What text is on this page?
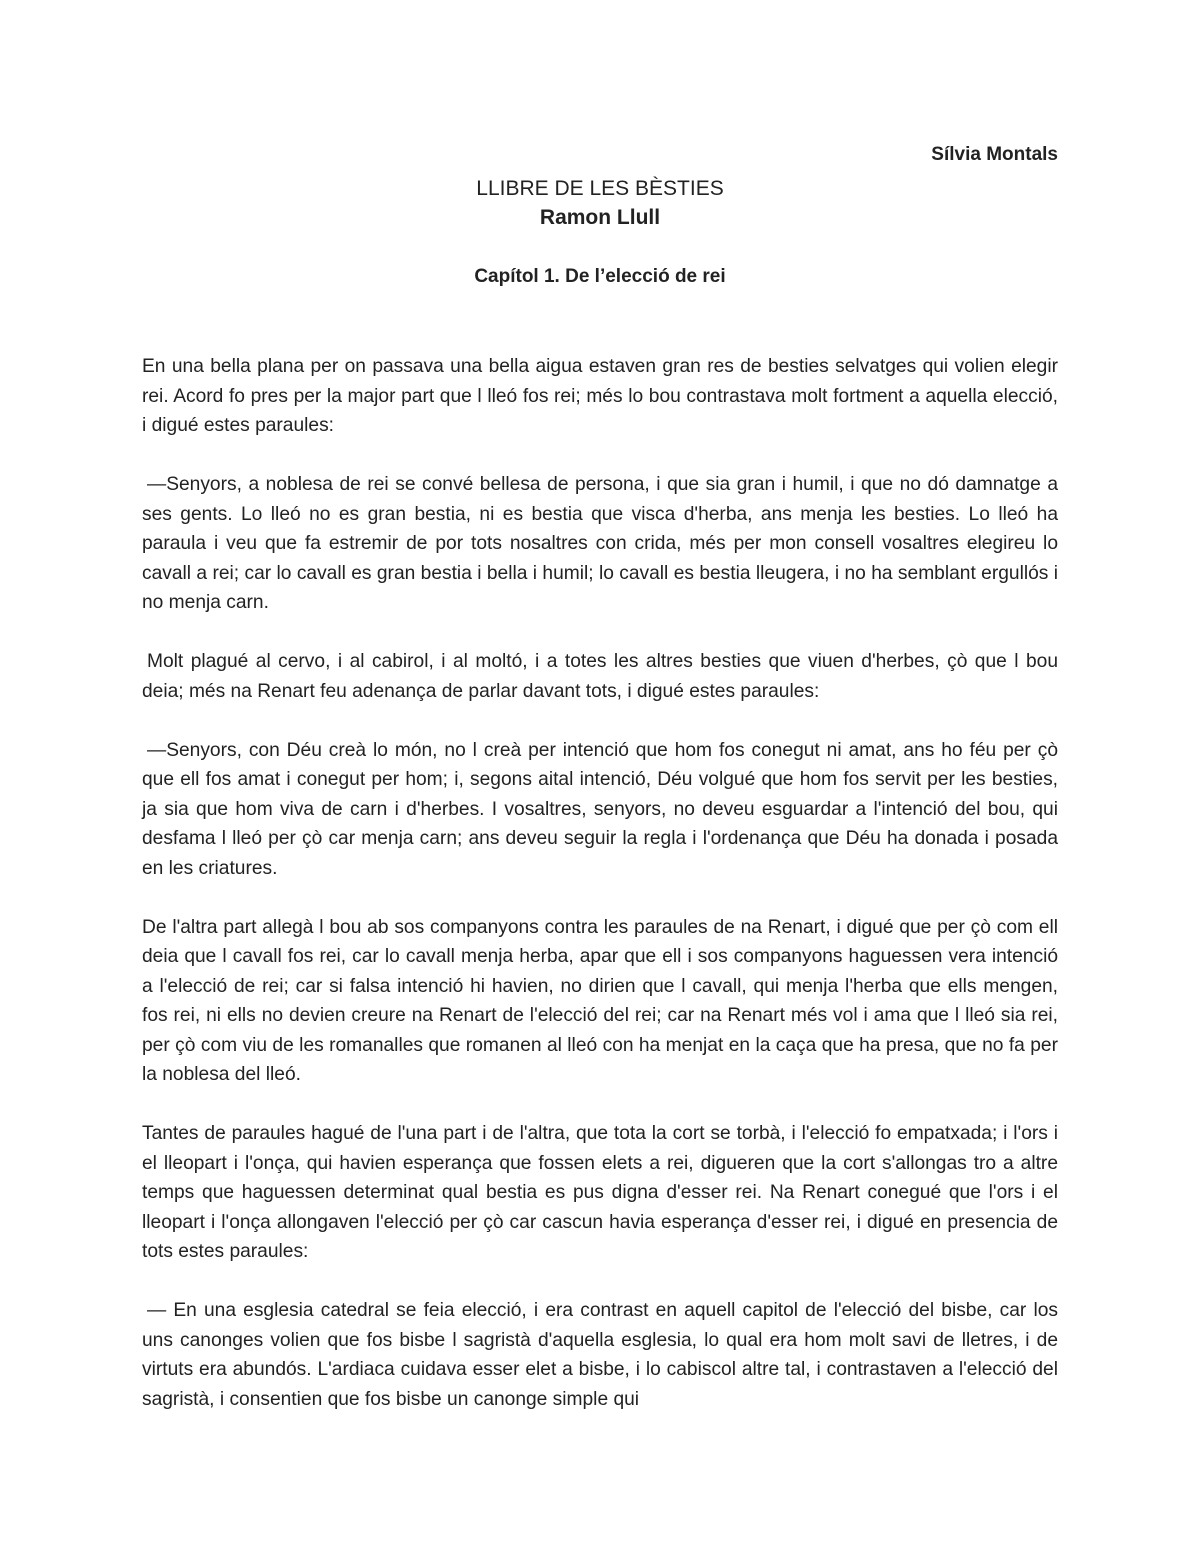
Sílvia Montals

LLIBRE DE LES BÈSTIES

Ramon Llull

Capítol 1. De l’elecció de rei

En una bella plana per on passava una bella aigua estaven gran res de besties selvatges qui volien elegir rei. Acord fo pres per la major part que l lleó fos rei; més lo bou contrastava molt fortment a aquella elecció, i digué estes paraules:

—Senyors, a noblesa de rei se convé bellesa de persona, i que sia gran i humil, i que no dó damnatge a ses gents. Lo lleó no es gran bestia, ni es bestia que visca d'herba, ans menja les besties. Lo lleó ha paraula i veu que fa estremir de por tots nosaltres con crida, més per mon consell vosaltres elegireu lo cavall a rei; car lo cavall es gran bestia i bella i humil; lo cavall es bestia lleugera, i no ha semblant ergullós i no menja carn.

Molt plagué al cervo, i al cabirol, i al moltó, i a totes les altres besties que viuen d'herbes, çò que l bou deia; més na Renart feu adenança de parlar davant tots, i digué estes paraules:

—Senyors, con Déu creà lo món, no l creà per intenció que hom fos conegut ni amat, ans ho féu per çò que ell fos amat i conegut per hom; i, segons aital intenció, Déu volgué que hom fos servit per les besties, ja sia que hom viva de carn i d'herbes. I vosaltres, senyors, no deveu esguardar a l'intenció del bou, qui desfama l lleó per çò car menja carn; ans deveu seguir la regla i l'ordenança que Déu ha donada i posada en les criatures.

De l'altra part allegà l bou ab sos companyons contra les paraules de na Renart, i digué que per çò com ell deia que l cavall fos rei, car lo cavall menja herba, apar que ell i sos companyons haguessen vera intenció a l'elecció de rei; car si falsa intenció hi havien, no dirien que l cavall, qui menja l'herba que ells mengen, fos rei, ni ells no devien creure na Renart de l'elecció del rei; car na Renart més vol i ama que l lleó sia rei, per çò com viu de les romanalles que romanen al lleó con ha menjat en la caça que ha presa, que no fa per la noblesa del lleó.

Tantes de paraules hagué de l'una part i de l'altra, que tota la cort se torbà, i l'elecció fo empatxada; i l'ors i el lleopart i l'onça, qui havien esperança que fossen elets a rei, digueren que la cort s'allongas tro a altre temps que haguessen determinat qual bestia es pus digna d'esser rei. Na Renart conegué que l'ors i el lleopart i l'onça allongaven l'elecció per çò car cascun havia esperança d'esser rei, i digué en presencia de tots estes paraules:

— En una esglesia catedral se feia elecció, i era contrast en aquell capitol de l'elecció del bisbe, car los uns canonges volien que fos bisbe l sagristà d'aquella esglesia, lo qual era hom molt savi de lletres, i de virtuts era abundós. L'ardiaca cuidava esser elet a bisbe, i lo cabiscol altre tal, i contrastaven a l'elecció del sagristà, i consentien que fos bisbe un canonge simple qui
